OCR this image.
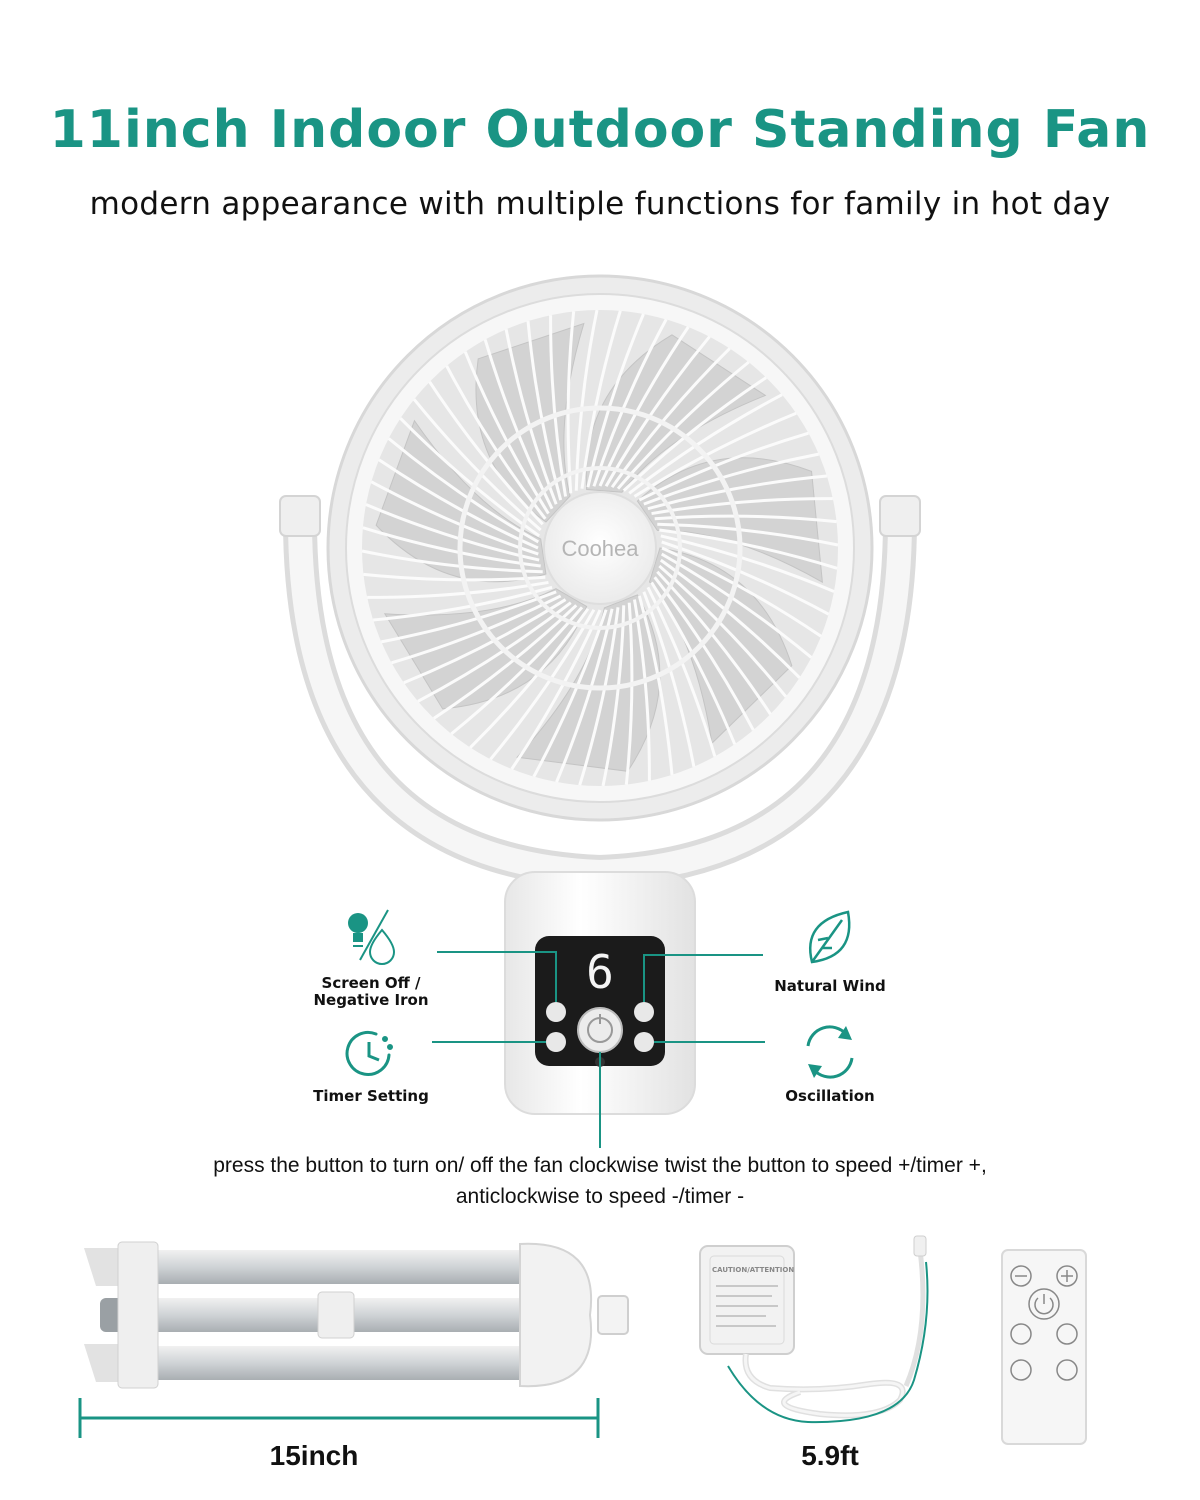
11inch Indoor Outdoor Standing Fan
modern appearance with multiple functions for family in hot day
CAUTION/ATTENTION
Coohea
6
Screen Off /
Negative Iron
Timer Setting
Natural Wind
Oscillation
press the button to turn on/ off the fan clockwise twist the button to speed +/timer +,
anticlockwise to speed -/timer -
15inch	5.9ft
